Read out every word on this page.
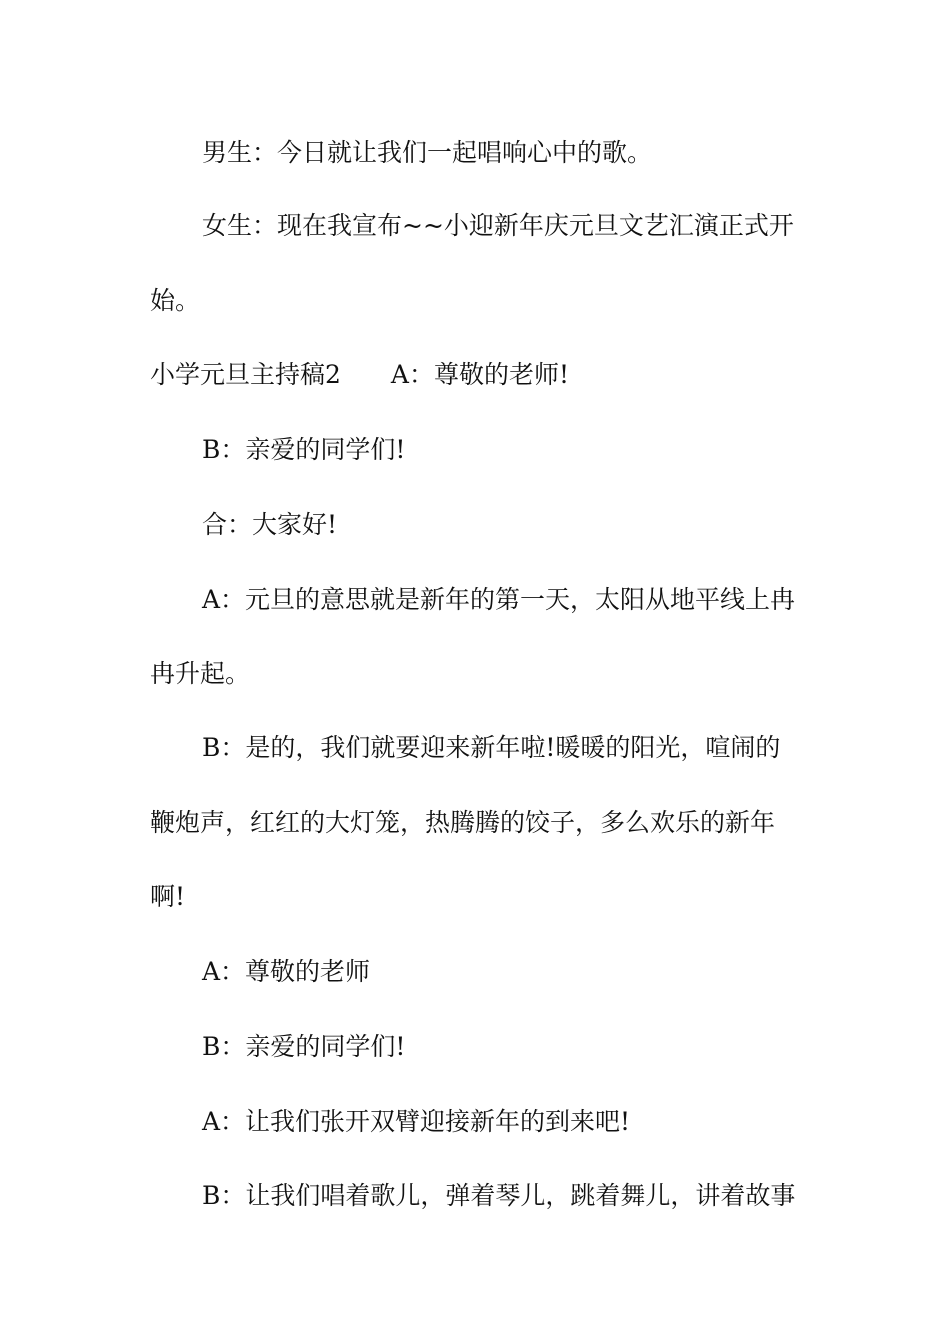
男生：今日就让我们一起唱响心中的歌。
女生：现在我宣布~~小迎新年庆元旦文艺汇演正式开
始。
小学元旦主持稿2 A：尊敬的老师!
B：亲爱的同学们!
合：大家好!
A：元旦的意思就是新年的第一天，太阳从地平线上冉
冉升起。
B：是的，我们就要迎来新年啦!暖暖的阳光，喧闹的
鞭炮声，红红的大灯笼，热腾腾的饺子，多么欢乐的新年
啊!
A：尊敬的老师
B：亲爱的同学们!
A：让我们张开双臂迎接新年的到来吧!
B：让我们唱着歌儿，弹着琴儿，跳着舞儿，讲着故事
